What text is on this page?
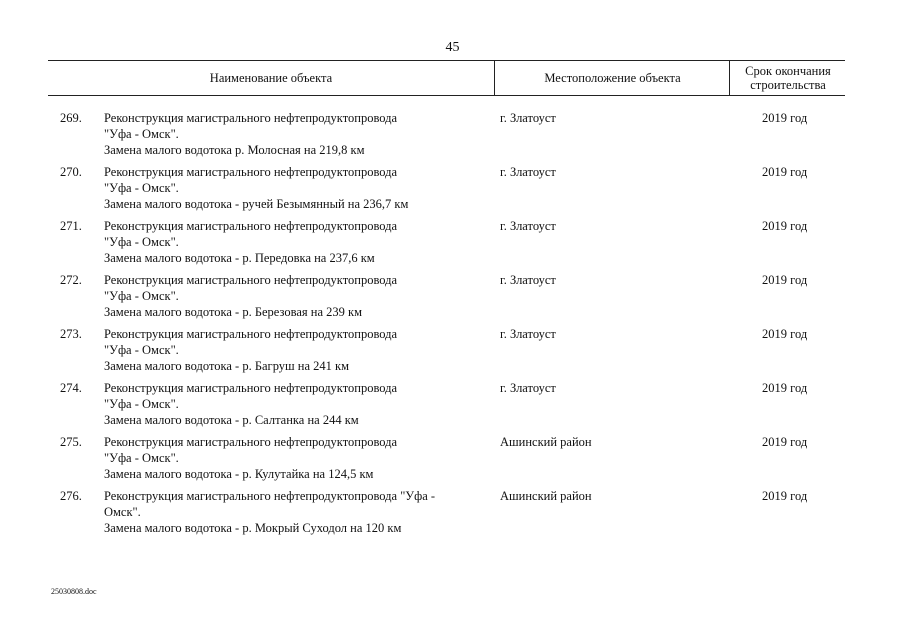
45
Наименование объекта	Местоположение объекта	Срок окончания
строительства
269. Реконструкция магистрального нефтепродуктопровода
"Уфа - Омск".
Замена малого водотока р. Молосная на 219,8 км
г. Златоуст	2019 год
270. Реконструкция магистрального нефтепродуктопровода
"Уфа - Омск".
Замена малого водотока - ручей Безымянный на 236,7 км
г. Златоуст	2019 год
271. Реконструкция магистрального нефтепродуктопровода
"Уфа - Омск".
Замена малого водотока - р. Передовка на 237,6 км
г. Златоуст	2019 год
272. Реконструкция магистрального нефтепродуктопровода
"Уфа - Омск".
Замена малого водотока - р. Березовая на 239 км
г. Златоуст	2019 год
273. Реконструкция магистрального нефтепродуктопровода
"Уфа - Омск".
Замена малого водотока - р. Багруш на 241 км
г. Златоуст	2019 год
274. Реконструкция магистрального нефтепродуктопровода
"Уфа - Омск".
Замена малого водотока - р. Салтанка на 244 км
г. Златоуст	2019 год
275. Реконструкция магистрального нефтепродуктопровода
"Уфа - Омск".
Замена малого водотока - р. Кулутайка на 124,5 км
Ашинский район	2019 год
276. Реконструкция магистрального нефтепродуктопровода "Уфа -
Омск".
Замена малого водотока - р. Мокрый Суходол на 120 км
Ашинский район	2019 год
25030808.doc
